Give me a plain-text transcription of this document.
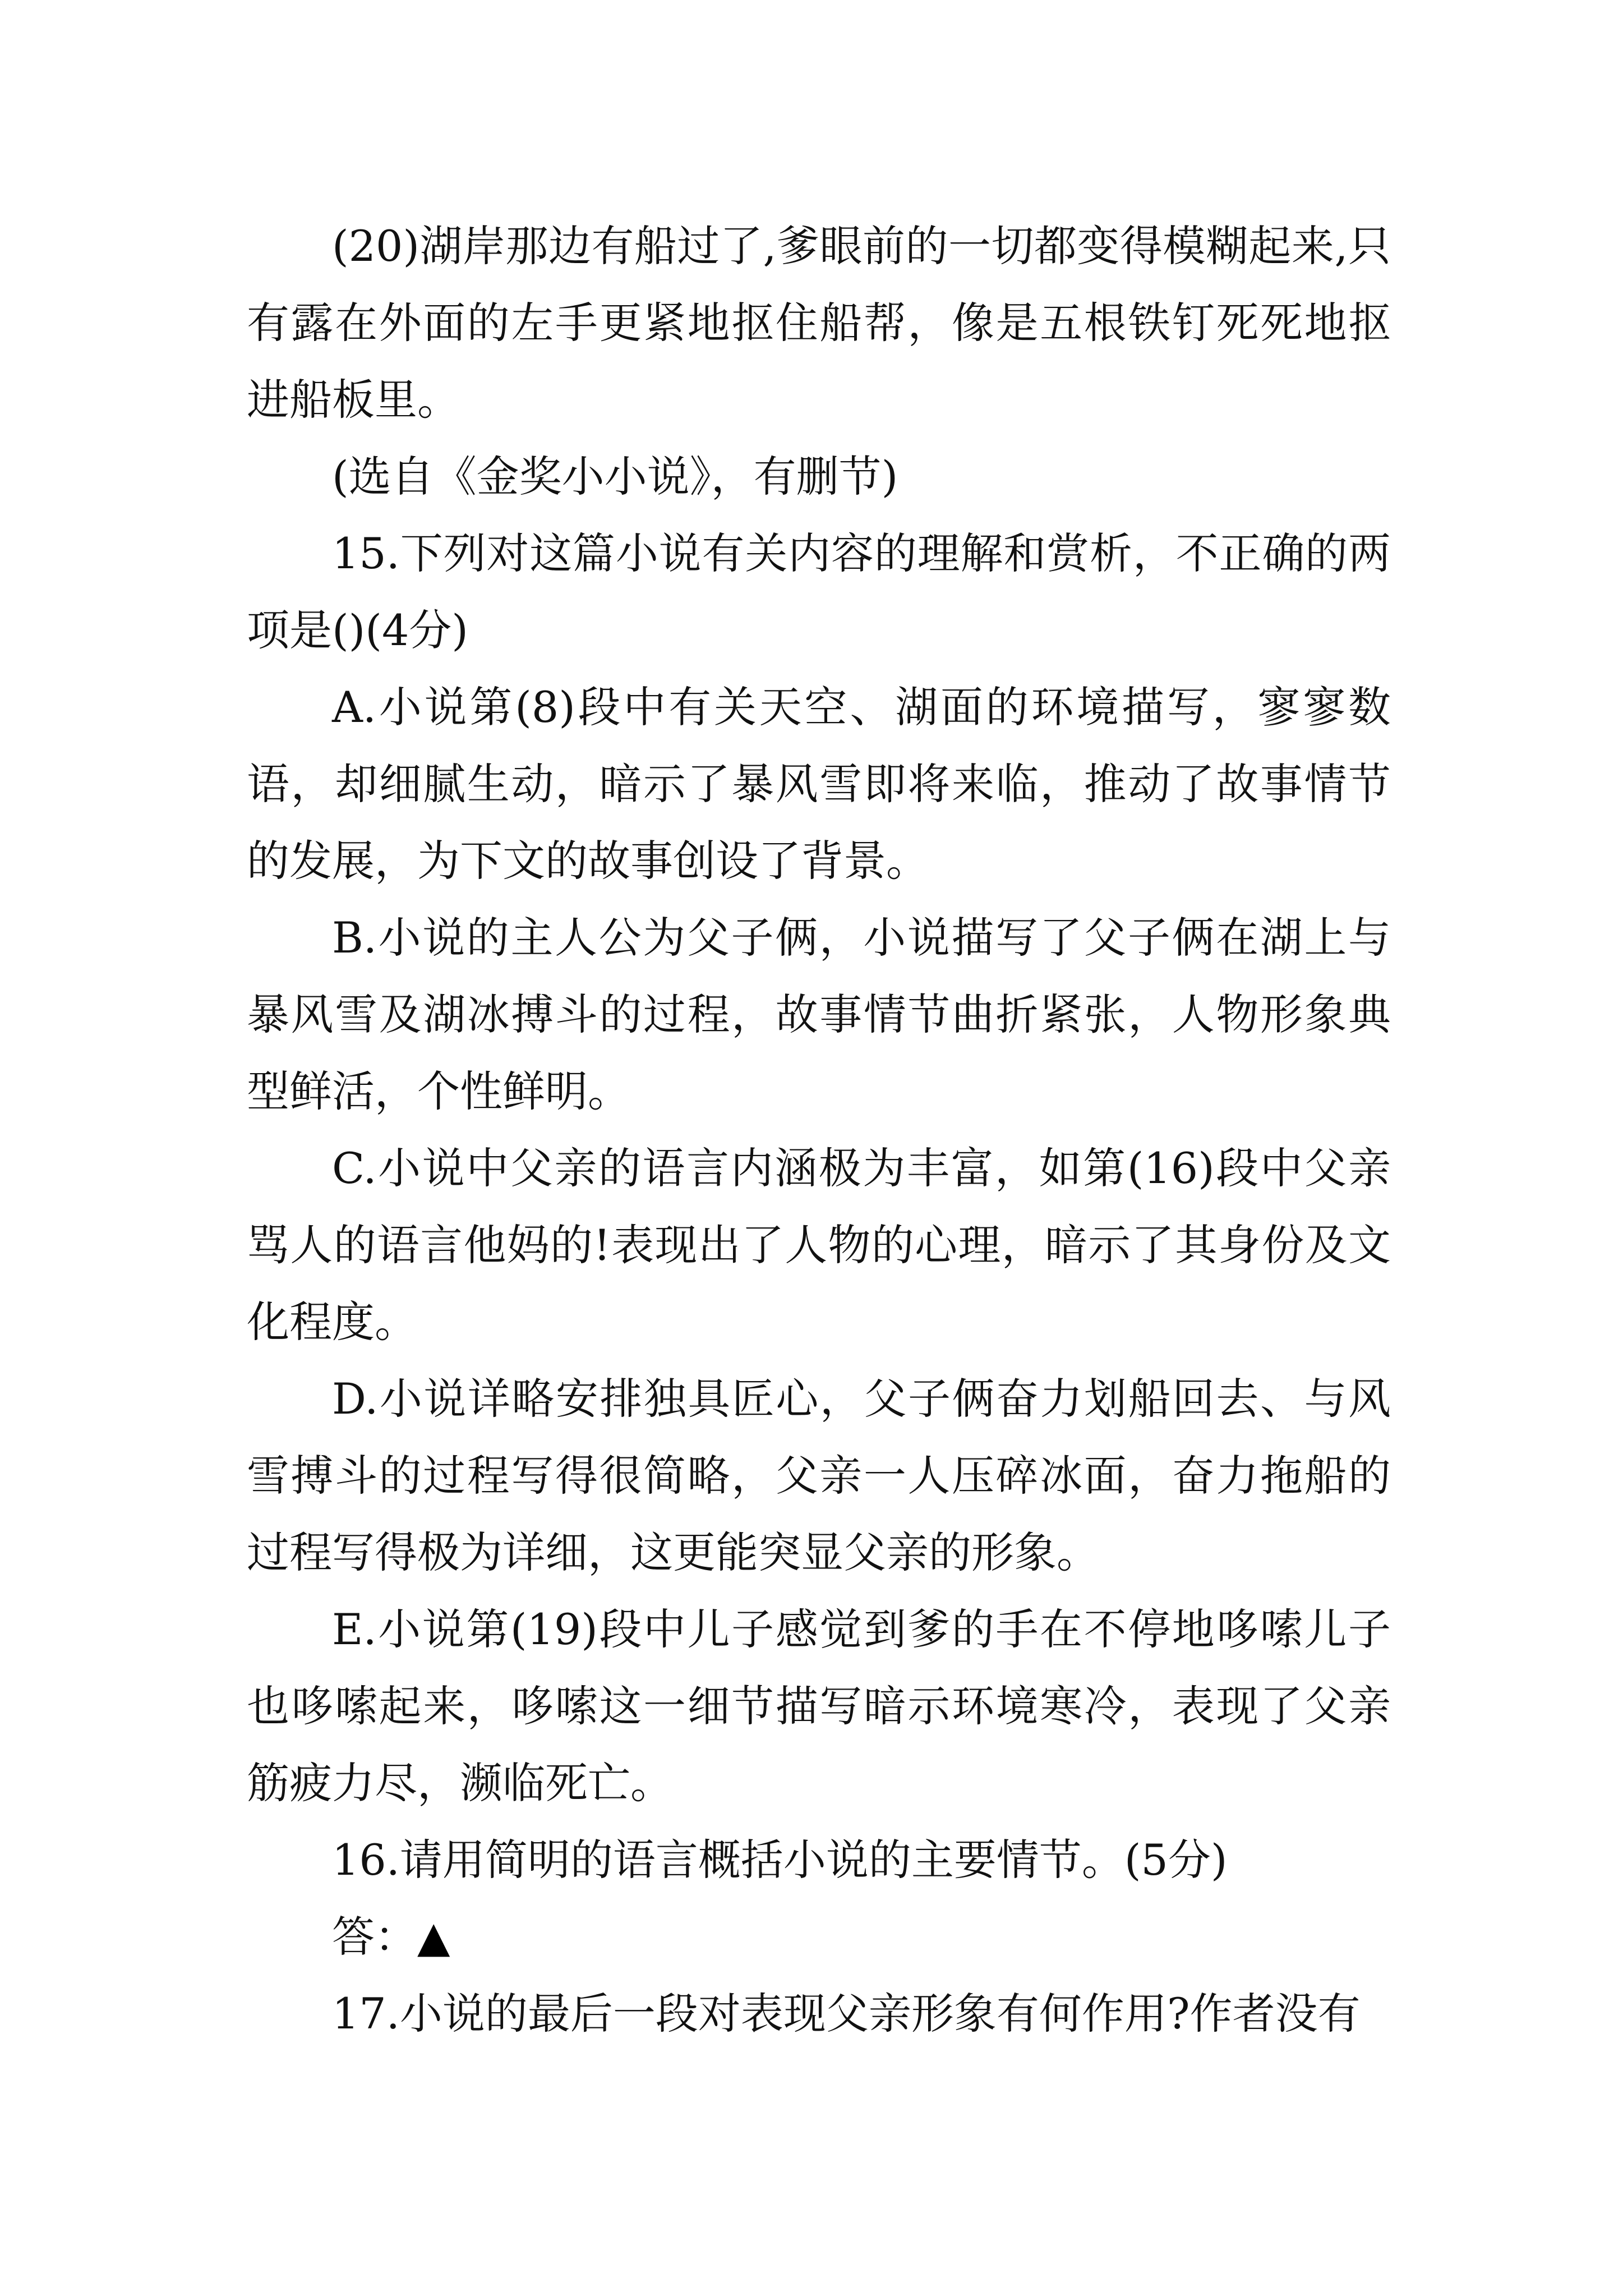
(20)湖岸那边有船过了,爹眼前的一切都变得模糊起来,只有露在外面的左手更紧地抠住船帮，像是五根铁钉死死地抠进船板里。

(选自《金奖小小说》，有删节)

15.下列对这篇小说有关内容的理解和赏析，不正确的两项是()(4分)

A.小说第(8)段中有关天空、湖面的环境描写，寥寥数语，却细腻生动，暗示了暴风雪即将来临，推动了故事情节的发展，为下文的故事创设了背景。

B.小说的主人公为父子俩，小说描写了父子俩在湖上与暴风雪及湖冰搏斗的过程，故事情节曲折紧张，人物形象典型鲜活，个性鲜明。

C.小说中父亲的语言内涵极为丰富，如第(16)段中父亲骂人的语言他妈的!表现出了人物的心理，暗示了其身份及文化程度。

D.小说详略安排独具匠心，父子俩奋力划船回去、与风雪搏斗的过程写得很简略，父亲一人压碎冰面，奋力拖船的过程写得极为详细，这更能突显父亲的形象。

E.小说第(19)段中儿子感觉到爹的手在不停地哆嗦儿子也哆嗦起来，哆嗦这一细节描写暗示环境寒冷，表现了父亲筋疲力尽，濒临死亡。

16.请用简明的语言概括小说的主要情节。(5分)

答：▲

17.小说的最后一段对表现父亲形象有何作用?作者没有
